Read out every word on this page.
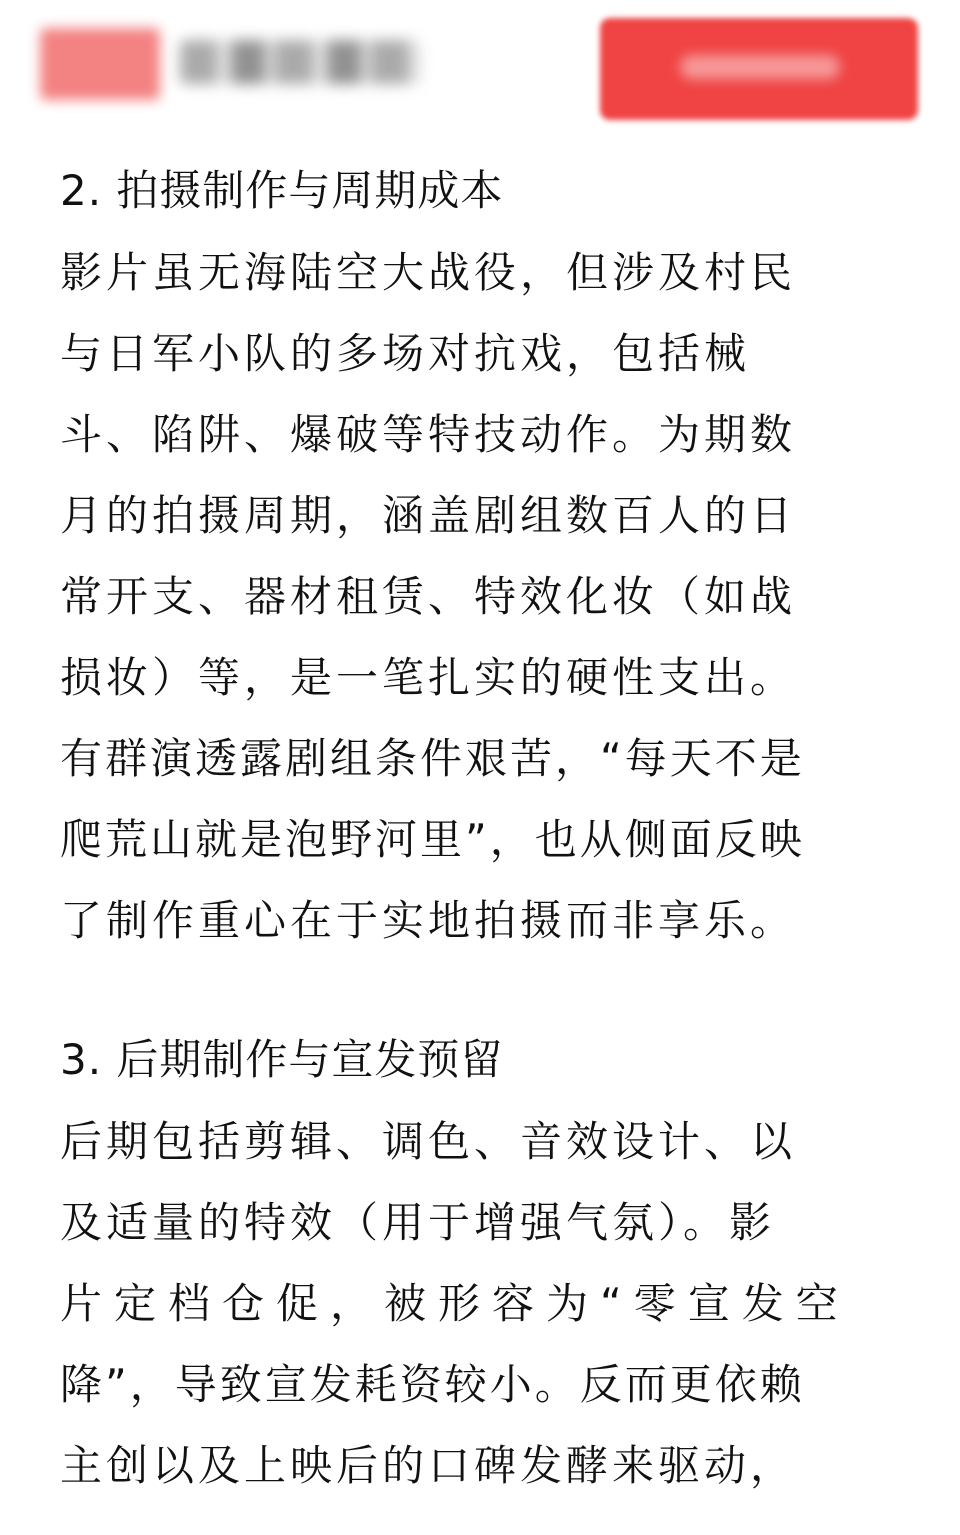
2. 拍摄制作与周期成本

影片虽无海陆空大战役，但涉及村民

与日军小队的多场对抗戏，包括械

斗、陷阱、爆破等特技动作。为期数

月的拍摄周期，涵盖剧组数百人的日

常开支、器材租赁、特效化妆（如战

损妆）等，是一笔扎实的硬性支出。

有群演透露剧组条件艰苦，“每天不是

爬荒山就是泡野河里”，也从侧面反映

了制作重心在于实地拍摄而非享乐。

3. 后期制作与宣发预留

后期包括剪辑、调色、音效设计、以

及适量的特效（用于增强气氛）。影

片定档仓促，被形容为“零宣发空

降”，导致宣发耗资较小。反而更依赖

主创以及上映后的口碑发酵来驱动，
